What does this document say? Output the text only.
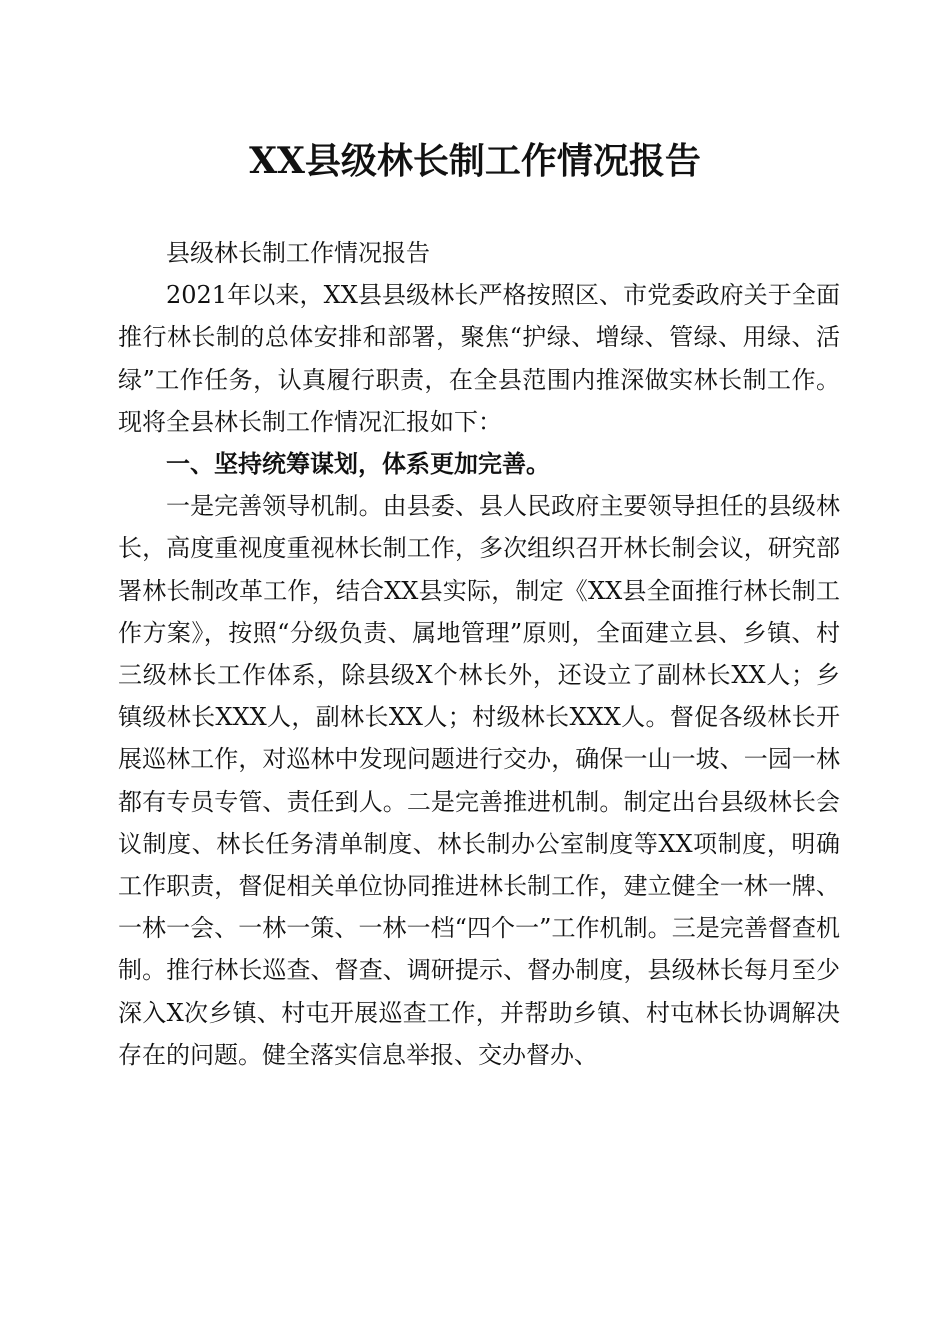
XX县级林长制工作情况报告

县级林长制工作情况报告

2021年以来，XX县县级林长严格按照区、市党委政府关于全面推行林长制的总体安排和部署，聚焦“护绿、增绿、管绿、用绿、活绿”工作任务，认真履行职责，在全县范围内推深做实林长制工作。现将全县林长制工作情况汇报如下：

一、坚持统筹谋划，体系更加完善。

一是完善领导机制。由县委、县人民政府主要领导担任的县级林长，高度重视度重视林长制工作，多次组织召开林长制会议，研究部署林长制改革工作，结合XX县实际，制定《XX县全面推行林长制工作方案》，按照“分级负责、属地管理”原则，全面建立县、乡镇、村三级林长工作体系，除县级X个林长外，还设立了副林长XX人；乡镇级林长XXX人，副林长XX人；村级林长XXX人。督促各级林长开展巡林工作，对巡林中发现问题进行交办，确保一山一坡、一园一林都有专员专管、责任到人。二是完善推进机制。制定出台县级林长会议制度、林长任务清单制度、林长制办公室制度等XX项制度，明确工作职责，督促相关单位协同推进林长制工作，建立健全一林一牌、一林一会、一林一策、一林一档“四个一”工作机制。三是完善督查机制。推行林长巡查、督查、调研提示、督办制度，县级林长每月至少深入X次乡镇、村屯开展巡查工作，并帮助乡镇、村屯林长协调解决存在的问题。健全落实信息举报、交办督办、
